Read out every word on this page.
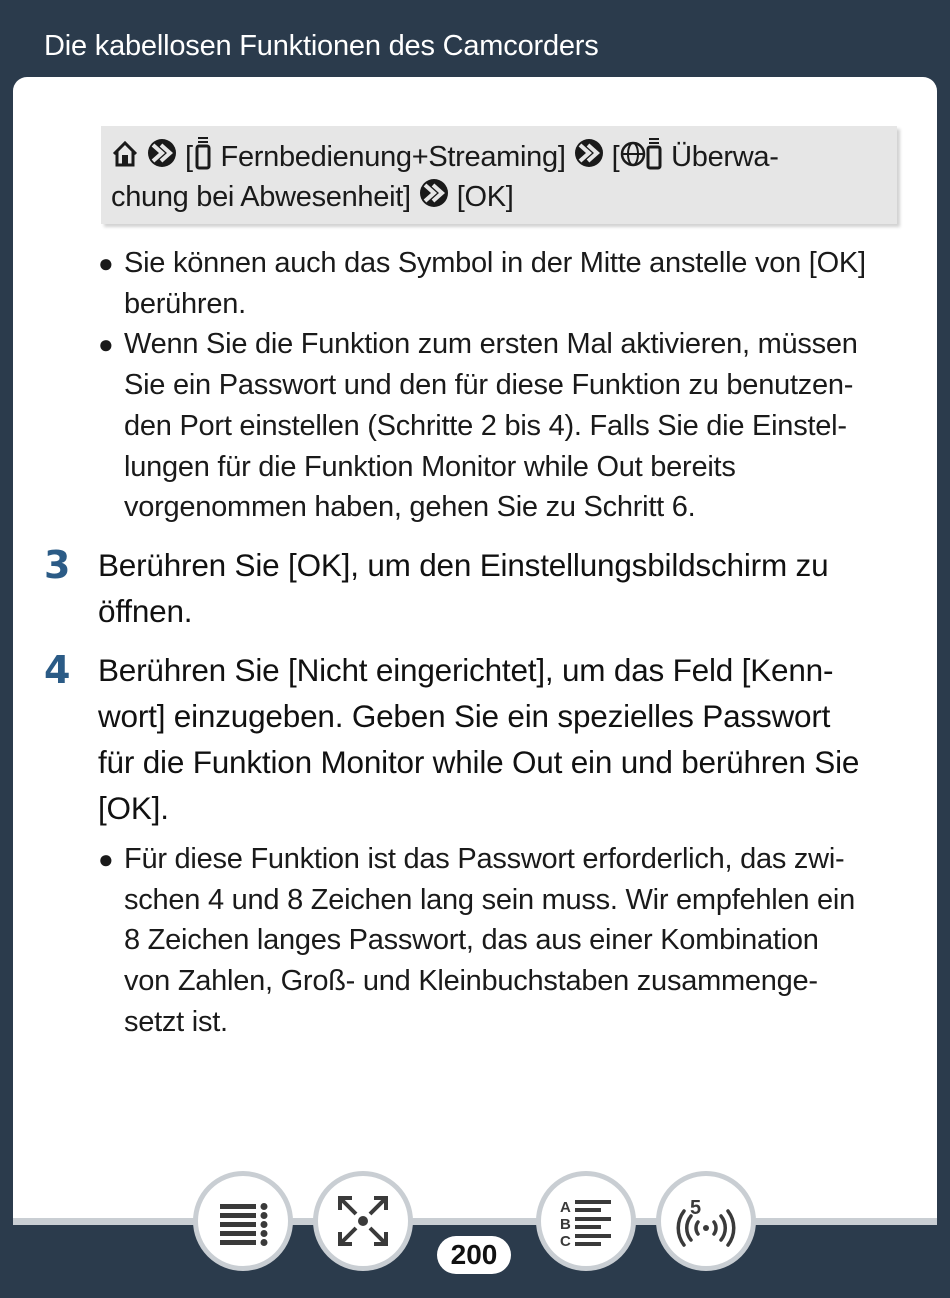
Die kabellosen Funktionen des Camcorders
[ Fernbedienung+Streaming] [ Überwa-
chung bei Abwesenheit] [OK]
● Sie können auch das Symbol in der Mitte anstelle von [OK]
berühren.
● Wenn Sie die Funktion zum ersten Mal aktivieren, müssen
Sie ein Passwort und den für diese Funktion zu benutzen-
den Port einstellen (Schritte 2 bis 4). Falls Sie die Einstel-
lungen für die Funktion Monitor while Out bereits
vorgenommen haben, gehen Sie zu Schritt 6.
3 Berühren Sie [OK], um den Einstellungsbildschirm zu
öffnen.
4 Berühren Sie [Nicht eingerichtet], um das Feld [Kenn-
wort] einzugeben. Geben Sie ein spezielles Passwort
für die Funktion Monitor while Out ein und berühren Sie
[OK].
● Für diese Funktion ist das Passwort erforderlich, das zwi-
schen 4 und 8 Zeichen lang sein muss. Wir empfehlen ein
8 Zeichen langes Passwort, das aus einer Kombination
von Zahlen, Groß- und Kleinbuchstaben zusammenge-
setzt ist.
200
A
B
C
5
